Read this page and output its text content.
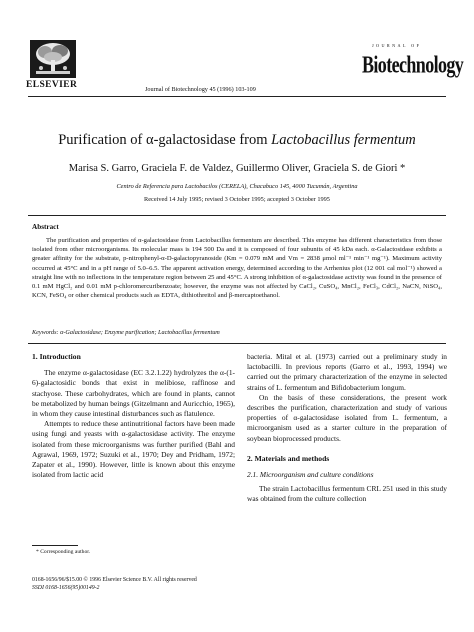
ELSEVIER	Journal of Biotechnology 45 (1996) 103-109
JOURNAL OF
Biotechnology
Purification of α-galactosidase from Lactobacillus fermentum
Marisa S. Garro, Graciela F. de Valdez, Guillermo Oliver, Graciela S. de Giori *
Centro de Referencia para Lactobacilos (CERELA), Chacabuco 145, 4000 Tucumán, Argentina
Received 14 July 1995; revised 3 October 1995; accepted 3 October 1995
Abstract
The purification and properties of α-galactosidase from Lactobacillus fermentum are described. This enzyme has different characteristics from those isolated from other microorganisms. Its molecular mass is 194 500 Da and it is composed of four subunits of 45 kDa each. α-Galactosidase exhibits a greater affinity for the substrate, p-nitrophenyl-α-D-galactopyranoside (Km = 0.079 mM and Vm = 2838 μmol ml⁻¹ min⁻¹ mg⁻¹). Maximum activity occurred at 45°C and in a pH range of 5.0–6.5. The apparent activation energy, determined according to the Arrhenius plot (12 001 cal mol⁻¹) showed a straight line with no inflections in the temperature region between 25 and 45°C. A strong inhibition of α-galactosidase activity was found in the presence of 0.1 mM HgCl₂ and 0.01 mM p-chloromercuribenzoate; however, the enzyme was not affected by CaCl₂, CuSO₄, MnCl₂, FeCl₃, CdCl₂, NaCN, NiSO₄, KCN, FeSO₄ or other chemical products such as EDTA, dithiothreitol and β-mercaptoethanol.
Keywords: α-Galactosidase; Enzyme purification; Lactobacillus fermentum
1. Introduction

The enzyme α-galactosidase (EC 3.2.1.22) hydrolyzes the α-(1-6)-galactosidic bonds that exist in melibiose, raffinose and stachyose. These carbohydrates, which are found in plants, cannot be metabolized by human beings (Gitzelmann and Auricchio, 1965), in whom they cause intestinal disturbances such as flatulence.

Attempts to reduce these antinutritional factors have been made using fungi and yeasts with α-galactosidase activity. The enzyme isolated from these microorganisms was further purified (Bahl and Agrawal, 1969, 1972; Suzuki et al., 1970; Dey and Pridham, 1972; Zapater et al., 1990). However, little is known about this enzyme isolated from lactic acid

bacteria. Mital et al. (1973) carried out a preliminary study in lactobacilli. In previous reports (Garro et al., 1993, 1994) we carried out the primary characterization of the enzyme in selected strains of L. fermentum and Bifidobacterium longum.

On the basis of these considerations, the present work describes the purification, characterization and study of various properties of α-galactosidase isolated from L. fermentum, a microorganism used as a starter culture in the preparation of soybean bioprocessed products.

2. Materials and methods
2.1. Microorganism and culture conditions

The strain Lactobacillus fermentum CRL 251 used in this study was obtained from the culture collection

* Corresponding author.
0168-1656/96/$15.00 © 1996 Elsevier Science B.V. All rights reserved
SSDI 0168-1656(95)00149-2
